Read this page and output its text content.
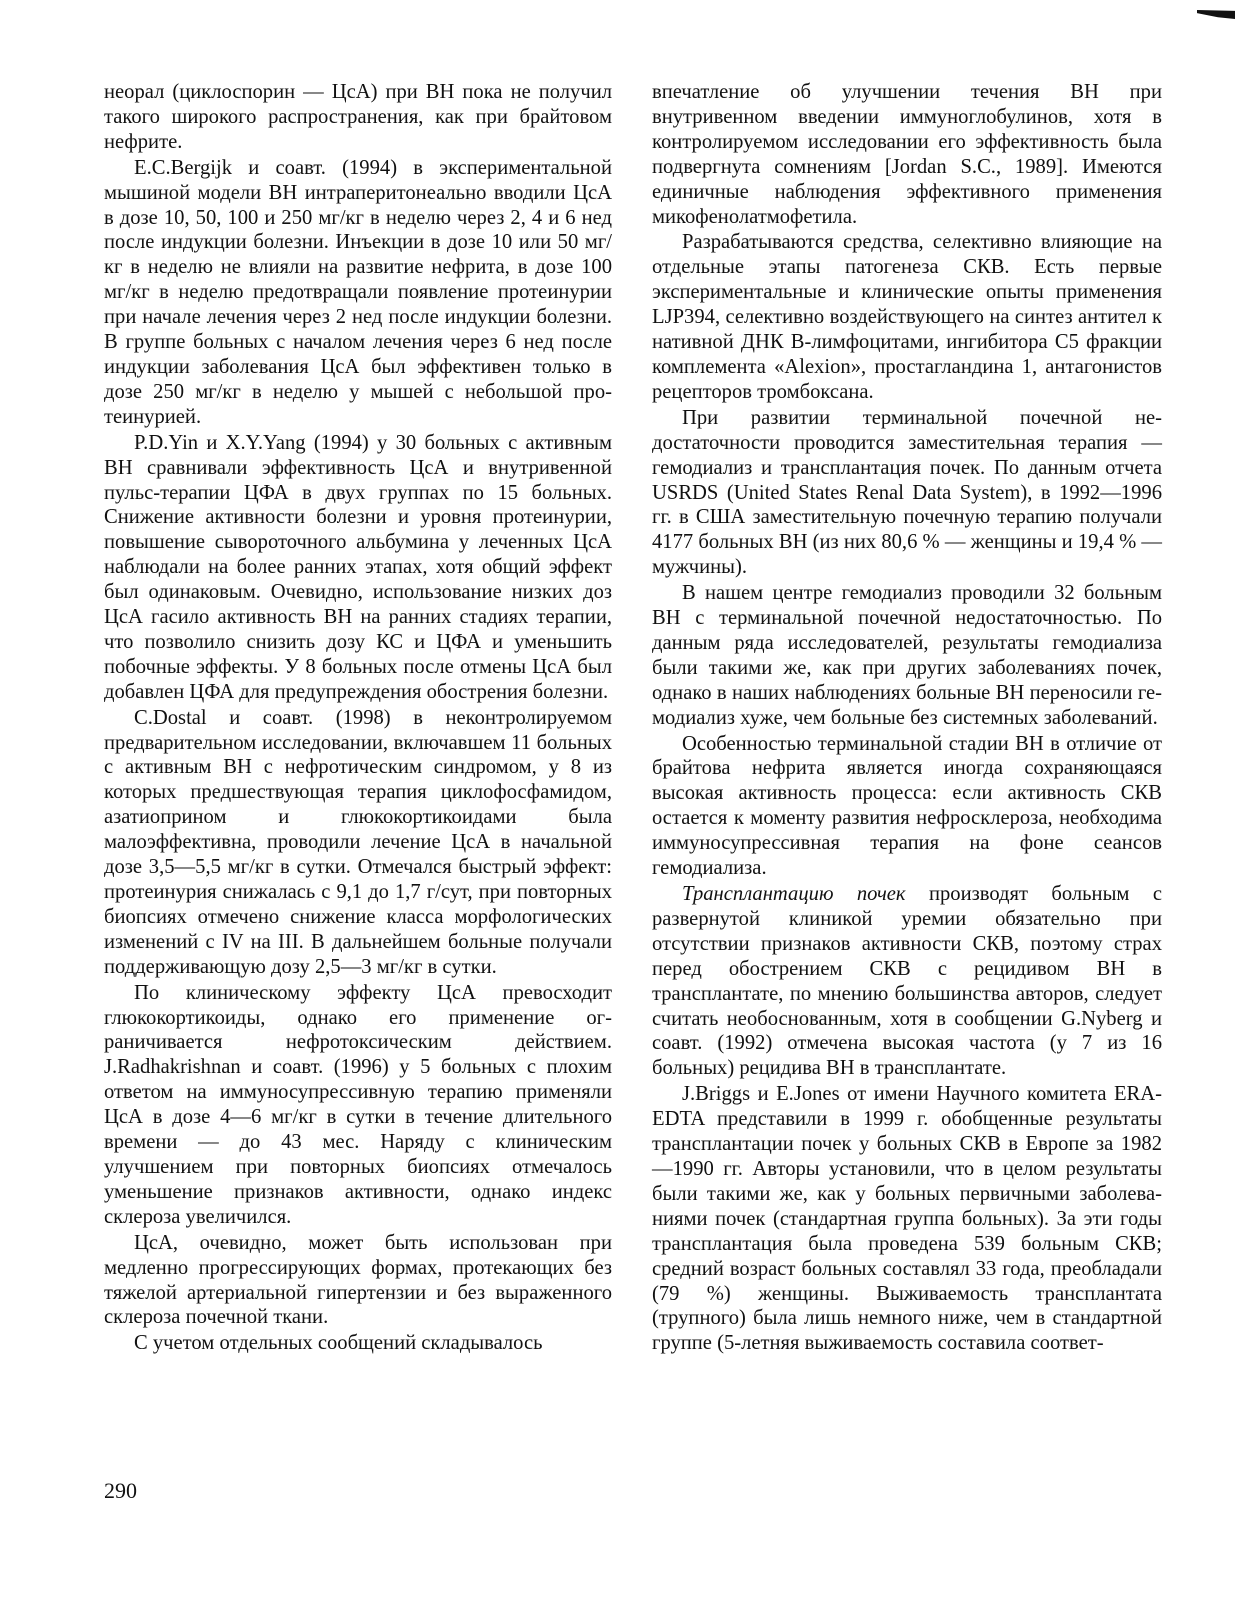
неорал (циклоспорин — ЦсА) при ВН пока не получил такого широкого распространения, как при брайтовом нефрите.

E.C.Bergijk и соавт. (1994) в экспериментальной мышиной модели ВН интраперитонеально вводили ЦсА в дозе 10, 50, 100 и 250 мг/кг в неделю через 2, 4 и 6 нед после индукции болезни. Инъекции в дозе 10 или 50 мг/кг в неделю не влияли на развитие нефрита, в дозе 100 мг/кг в неделю предотвращали появление протеинурии при начале лечения через 2 нед после индукции болезни. В группе больных с началом лечения через 6 нед после индукции заболевания ЦсА был эффективен только в дозе 250 мг/кг в неделю у мышей с небольшой протеинурией.

P.D.Yin и X.Y.Yang (1994) у 30 больных с активным ВН сравнивали эффективность ЦсА и внутривенной пульс-терапии ЦФА в двух группах по 15 больных. Снижение активности болезни и уровня протеинурии, повышение сывороточного альбумина у леченных ЦсА наблюдали на более ранних этапах, хотя общий эффект был одинаковым. Очевидно, использование низких доз ЦсА гасило активность ВН на ранних стадиях терапии, что позволило снизить дозу КС и ЦФА и уменьшить побочные эффекты. У 8 больных после отмены ЦсА был добавлен ЦФА для предупреждения обострения болезни.

C.Dostal и соавт. (1998) в неконтролируемом предварительном исследовании, включавшем 11 больных с активным ВН с нефротическим синдромом, у 8 из которых предшествующая терапия циклофосфамидом, азатиоприном и глюкокортикоидами была малоэффективна, проводили лечение ЦсА в начальной дозе 3,5—5,5 мг/кг в сутки. Отмечался быстрый эффект: протеинурия снижалась с 9,1 до 1,7 г/сут, при повторных биопсиях отмечено снижение класса морфологических изменений с IV на III. В дальнейшем больные получали поддерживающую дозу 2,5—3 мг/кг в сутки.

По клиническому эффекту ЦсА превосходит глюкокортикоиды, однако его применение ограничивается нефротоксическим действием. J.Radhakrishnan и соавт. (1996) у 5 больных с плохим ответом на иммуносупрессивную терапию применяли ЦсА в дозе 4—6 мг/кг в сутки в течение длительного времени — до 43 мес. Наряду с клиническим улучшением при повторных биопсиях отмечалось уменьшение признаков активности, однако индекс склероза увеличился.

ЦсА, очевидно, может быть использован при медленно прогрессирующих формах, протекающих без тяжелой артериальной гипертензии и без выраженного склероза почечной ткани.

С учетом отдельных сообщений складывалось

впечатление об улучшении течения ВН при внутривенном введении иммуноглобулинов, хотя в контролируемом исследовании его эффективность была подвергнута сомнениям [Jordan S.C., 1989]. Имеются единичные наблюдения эффективного применения микофенолатмофетила.

Разрабатываются средства, селективно влияющие на отдельные этапы патогенеза СКВ. Есть первые экспериментальные и клинические опыты применения LJP394, селективно воздействующего на синтез антител к нативной ДНК В-лимфоцитами, ингибитора С5 фракции комплемента «Alexion», простагландина 1, антагонистов рецепторов тромбоксана.

При развитии терминальной почечной недостаточности проводится заместительная терапия — гемодиализ и трансплантация почек. По данным отчета USRDS (United States Renal Data System), в 1992—1996 гг. в США заместительную почечную терапию получали 4177 больных ВН (из них 80,6 % — женщины и 19,4 % — мужчины).

В нашем центре гемодиализ проводили 32 больным ВН с терминальной почечной недостаточностью. По данным ряда исследователей, результаты гемодиализа были такими же, как при других заболеваниях почек, однако в наших наблюдениях больные ВН переносили гемодиализ хуже, чем больные без системных заболеваний.

Особенностью терминальной стадии ВН в отличие от брайтова нефрита является иногда сохраняющаяся высокая активность процесса: если активность СКВ остается к моменту развития нефросклероза, необходима иммуносупрессивная терапия на фоне сеансов гемодиализа.

Трансплантацию почек производят больным с развернутой клиникой уремии обязательно при отсутствии признаков активности СКВ, поэтому страх перед обострением СКВ с рецидивом ВН в трансплантате, по мнению большинства авторов, следует считать необоснованным, хотя в сообщении G.Nyberg и соавт. (1992) отмечена высокая частота (у 7 из 16 больных) рецидива ВН в трансплантате.

J.Briggs и E.Jones от имени Научного комитета ERA-EDTA представили в 1999 г. обобщенные результаты трансплантации почек у больных СКВ в Европе за 1982—1990 гг. Авторы установили, что в целом результаты были такими же, как у больных первичными заболеваниями почек (стандартная группа больных). За эти годы трансплантация была проведена 539 больным СКВ; средний возраст больных составлял 33 года, преобладали (79 %) женщины. Выживаемость трансплантата (трупного) была лишь немного ниже, чем в стандартной группе (5-летняя выживаемость составила соответ-

290
